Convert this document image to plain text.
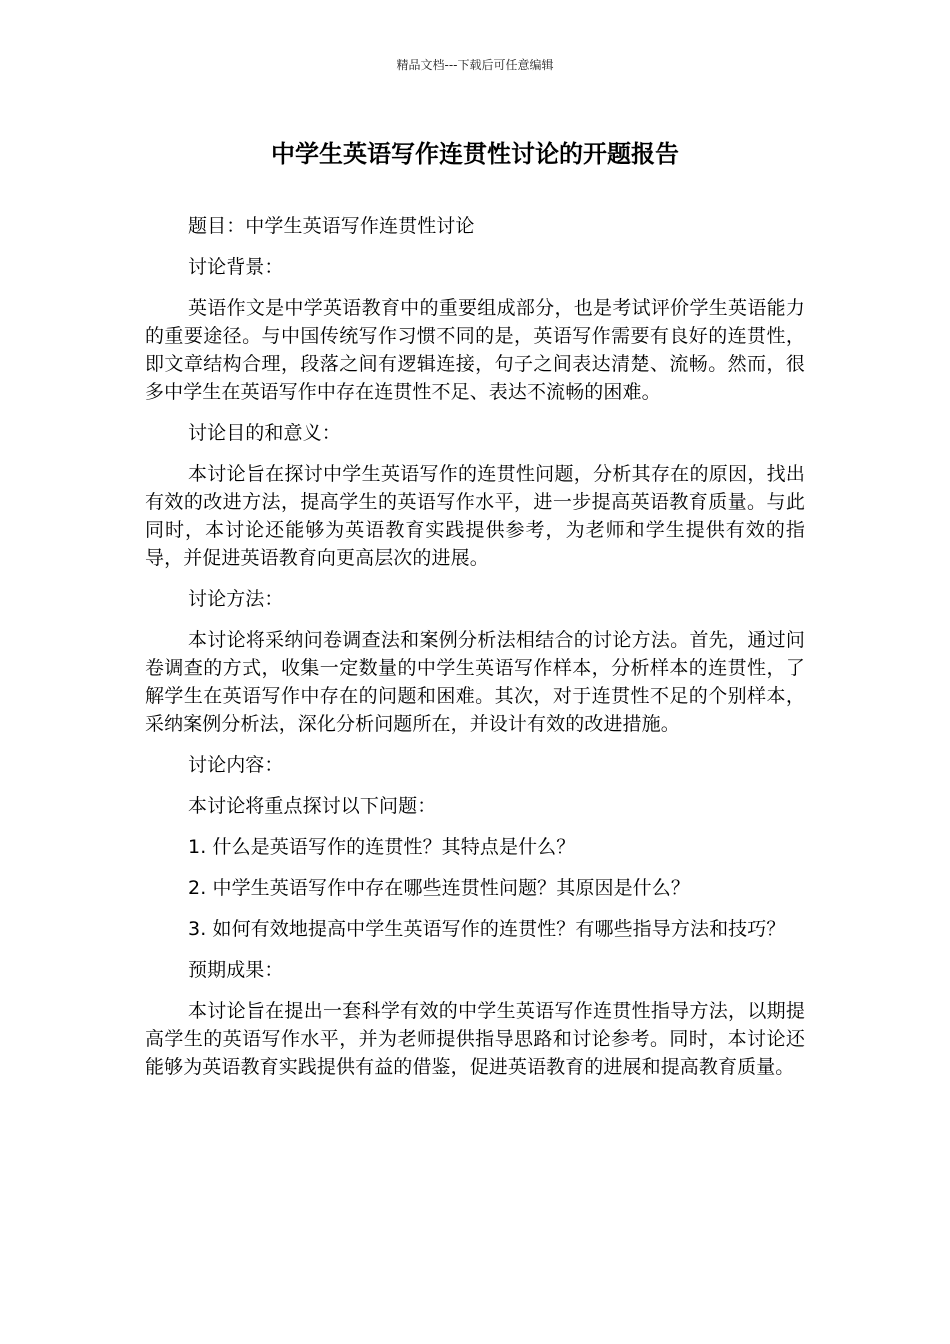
精品文档---下载后可任意编辑
中学生英语写作连贯性讨论的开题报告

题目：中学生英语写作连贯性讨论

讨论背景：

英语作文是中学英语教育中的重要组成部分，也是考试评价学生英语能力的重要途径。与中国传统写作习惯不同的是，英语写作需要有良好的连贯性，即文章结构合理，段落之间有逻辑连接，句子之间表达清楚、流畅。然而，很多中学生在英语写作中存在连贯性不足、表达不流畅的困难。

讨论目的和意义：

本讨论旨在探讨中学生英语写作的连贯性问题，分析其存在的原因，找出有效的改进方法，提高学生的英语写作水平，进一步提高英语教育质量。与此同时，本讨论还能够为英语教育实践提供参考，为老师和学生提供有效的指导，并促进英语教育向更高层次的进展。

讨论方法：

本讨论将采纳问卷调查法和案例分析法相结合的讨论方法。首先，通过问卷调查的方式，收集一定数量的中学生英语写作样本，分析样本的连贯性，了解学生在英语写作中存在的问题和困难。其次，对于连贯性不足的个别样本，采纳案例分析法，深化分析问题所在，并设计有效的改进措施。

讨论内容：

本讨论将重点探讨以下问题：

1. 什么是英语写作的连贯性？其特点是什么？

2. 中学生英语写作中存在哪些连贯性问题？其原因是什么？

3. 如何有效地提高中学生英语写作的连贯性？有哪些指导方法和技巧？

预期成果：

本讨论旨在提出一套科学有效的中学生英语写作连贯性指导方法，以期提高学生的英语写作水平，并为老师提供指导思路和讨论参考。同时，本讨论还能够为英语教育实践提供有益的借鉴，促进英语教育的进展和提高教育质量。
